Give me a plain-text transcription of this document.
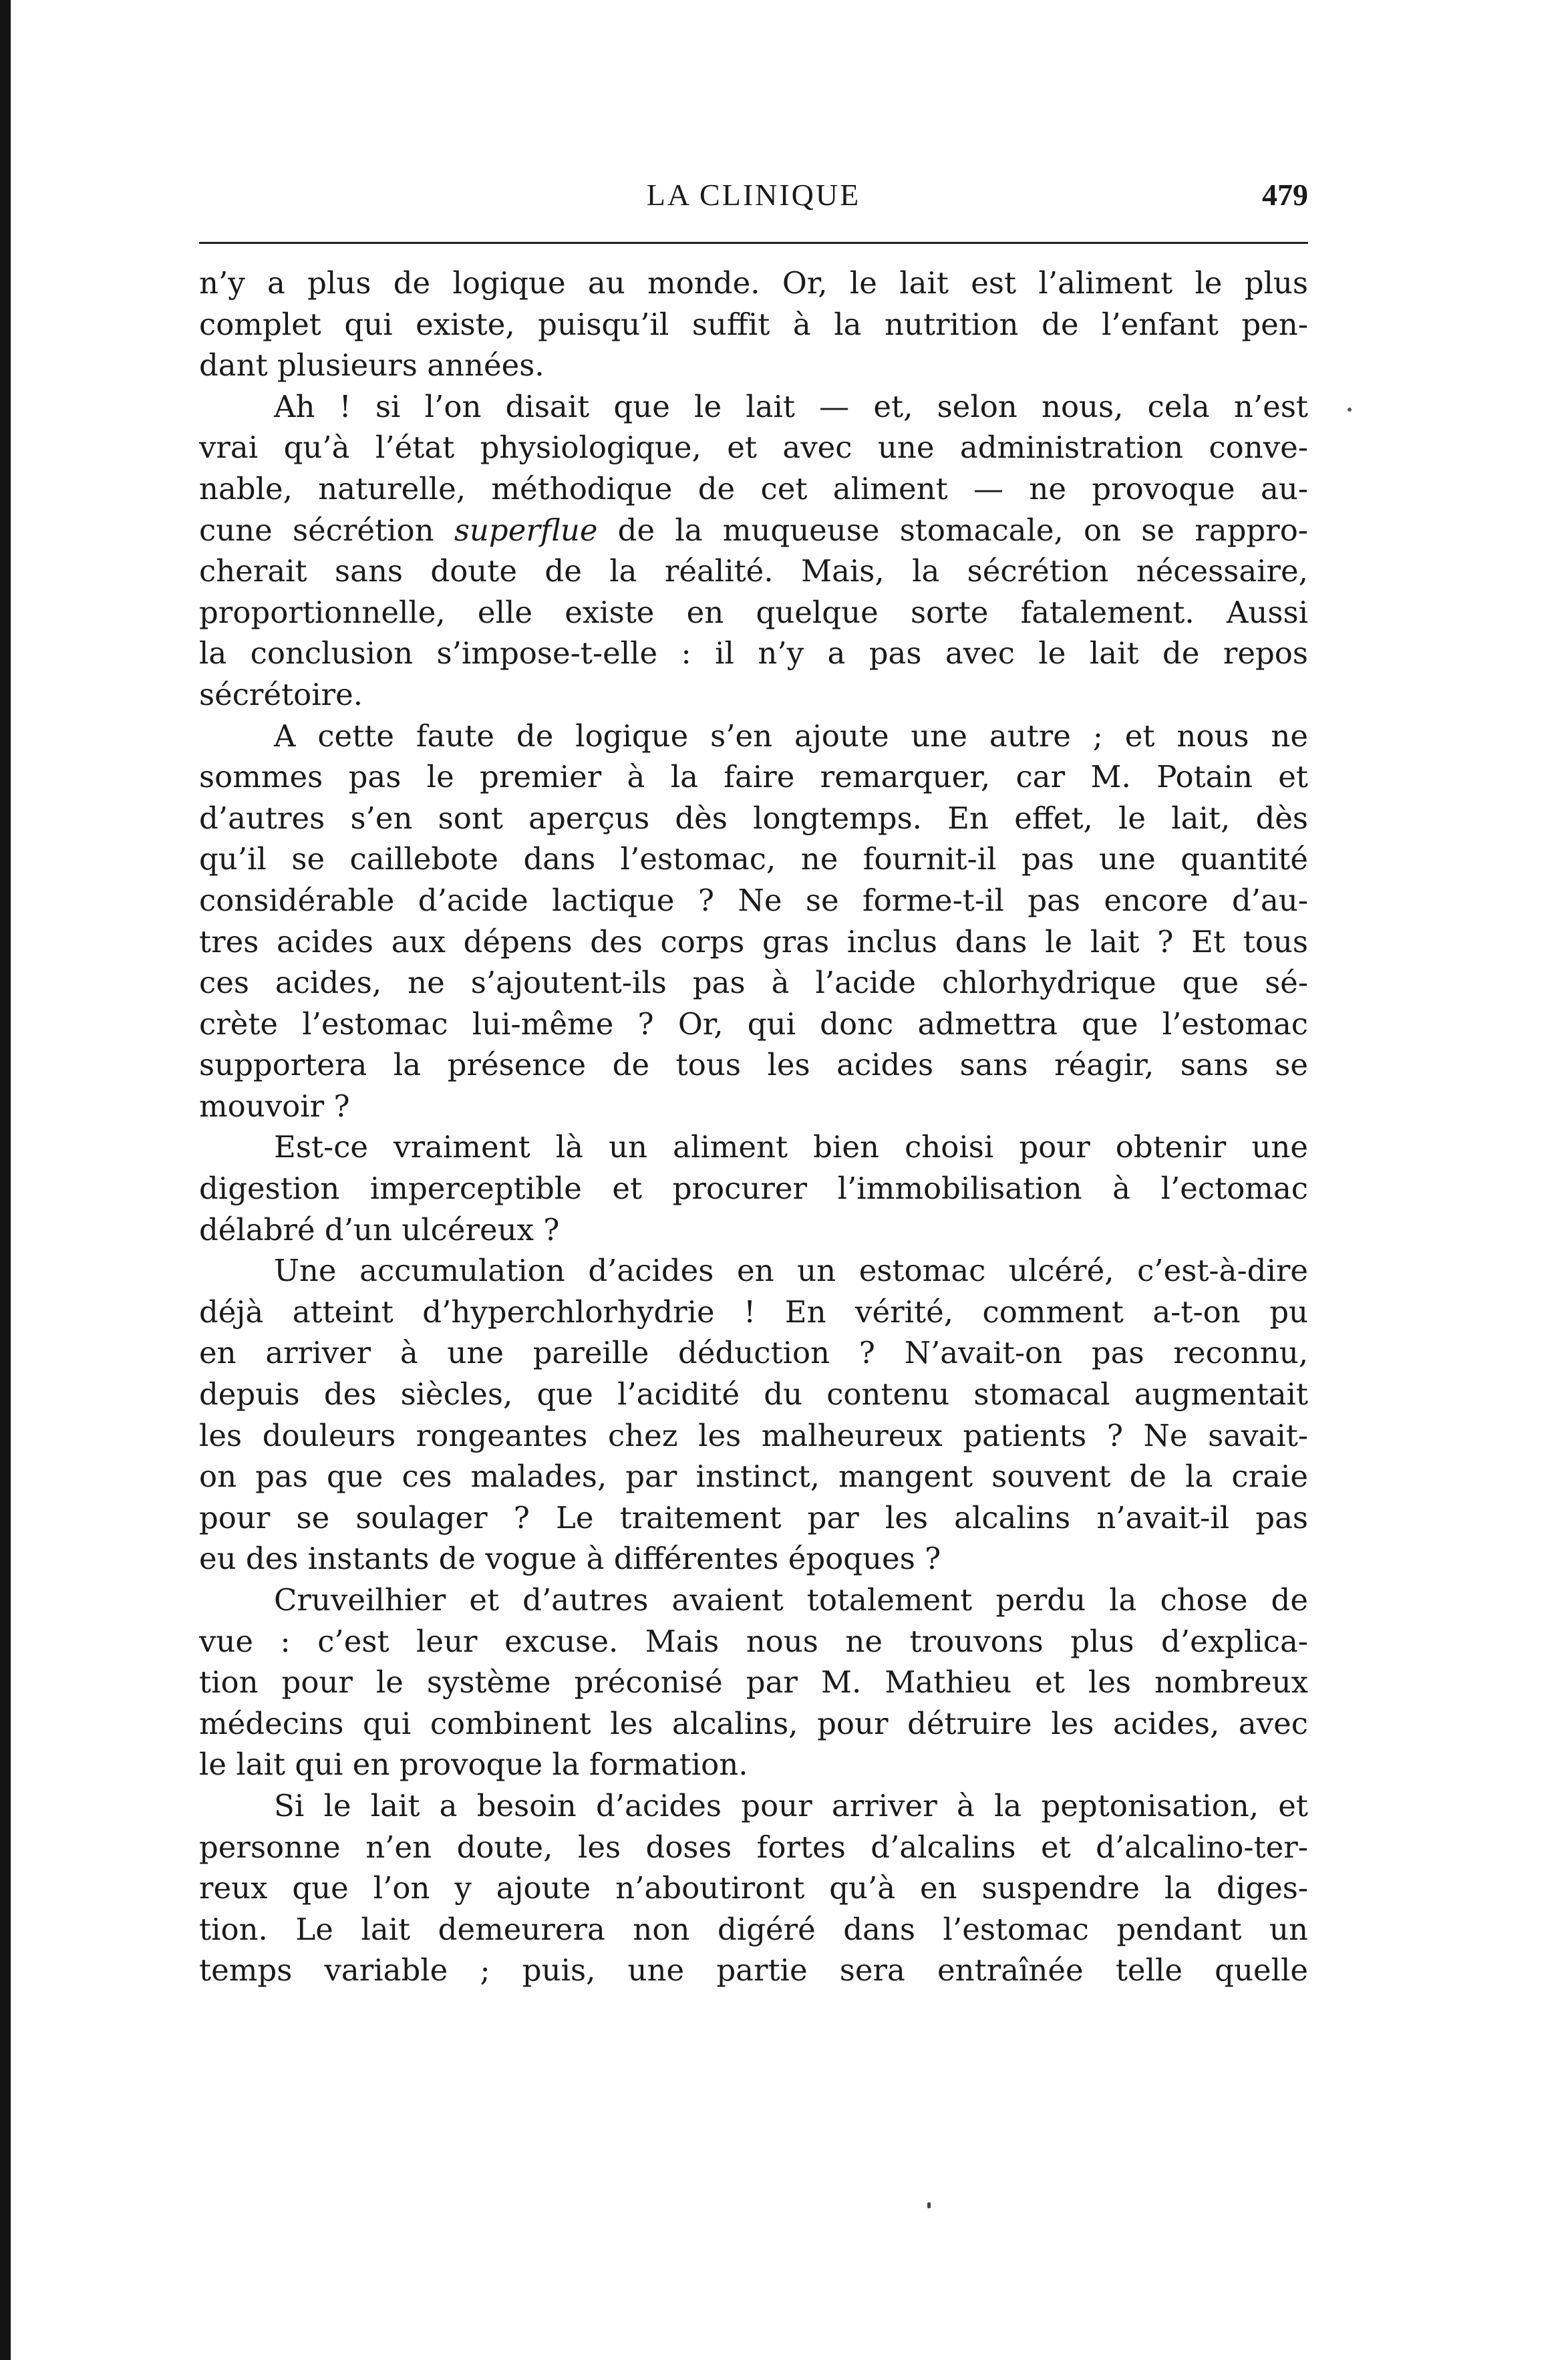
LA CLINIQUE	479
n’y a plus de logique au monde. Or, le lait est l’aliment le plus
complet qui existe, puisqu’il suffit à la nutrition de l’enfant pen-
dant plusieurs années.
Ah ! si l’on disait que le lait — et, selon nous, cela n’est
vrai qu’à l’état physiologique, et avec une administration conve-
nable, naturelle, méthodique de cet aliment — ne provoque au-
cune sécrétion superflue de la muqueuse stomacale, on se rappro-
cherait sans doute de la réalité. Mais, la sécrétion nécessaire,
proportionnelle, elle existe en quelque sorte fatalement. Aussi
la conclusion s’impose-t-elle : il n’y a pas avec le lait de repos
sécrétoire.
A cette faute de logique s’en ajoute une autre ; et nous ne
sommes pas le premier à la faire remarquer, car M. Potain et
d’autres s’en sont aperçus dès longtemps. En effet, le lait, dès
qu’il se caillebote dans l’estomac, ne fournit-il pas une quantité
considérable d’acide lactique ? Ne se forme-t-il pas encore d’au-
tres acides aux dépens des corps gras inclus dans le lait ? Et tous
ces acides, ne s’ajoutent-ils pas à l’acide chlorhydrique que sé-
crète l’estomac lui-même ? Or, qui donc admettra que l’estomac
supportera la présence de tous les acides sans réagir, sans se
mouvoir ?
Est-ce vraiment là un aliment bien choisi pour obtenir une
digestion imperceptible et procurer l’immobilisation à l’ectomac
délabré d’un ulcéreux ?
Une accumulation d’acides en un estomac ulcéré, c’est-à-dire
déjà atteint d’hyperchlorhydrie ! En vérité, comment a-t-on pu
en arriver à une pareille déduction ? N’avait-on pas reconnu,
depuis des siècles, que l’acidité du contenu stomacal augmentait
les douleurs rongeantes chez les malheureux patients ? Ne savait-
on pas que ces malades, par instinct, mangent souvent de la craie
pour se soulager ? Le traitement par les alcalins n’avait-il pas
eu des instants de vogue à différentes époques ?
Cruveilhier et d’autres avaient totalement perdu la chose de
vue : c’est leur excuse. Mais nous ne trouvons plus d’explica-
tion pour le système préconisé par M. Mathieu et les nombreux
médecins qui combinent les alcalins, pour détruire les acides, avec
le lait qui en provoque la formation.
Si le lait a besoin d’acides pour arriver à la peptonisation, et
personne n’en doute, les doses fortes d’alcalins et d’alcalino-ter-
reux que l’on y ajoute n’aboutiront qu’à en suspendre la diges-
tion. Le lait demeurera non digéré dans l’estomac pendant un
temps variable ; puis, une partie sera entraînée telle quelle
